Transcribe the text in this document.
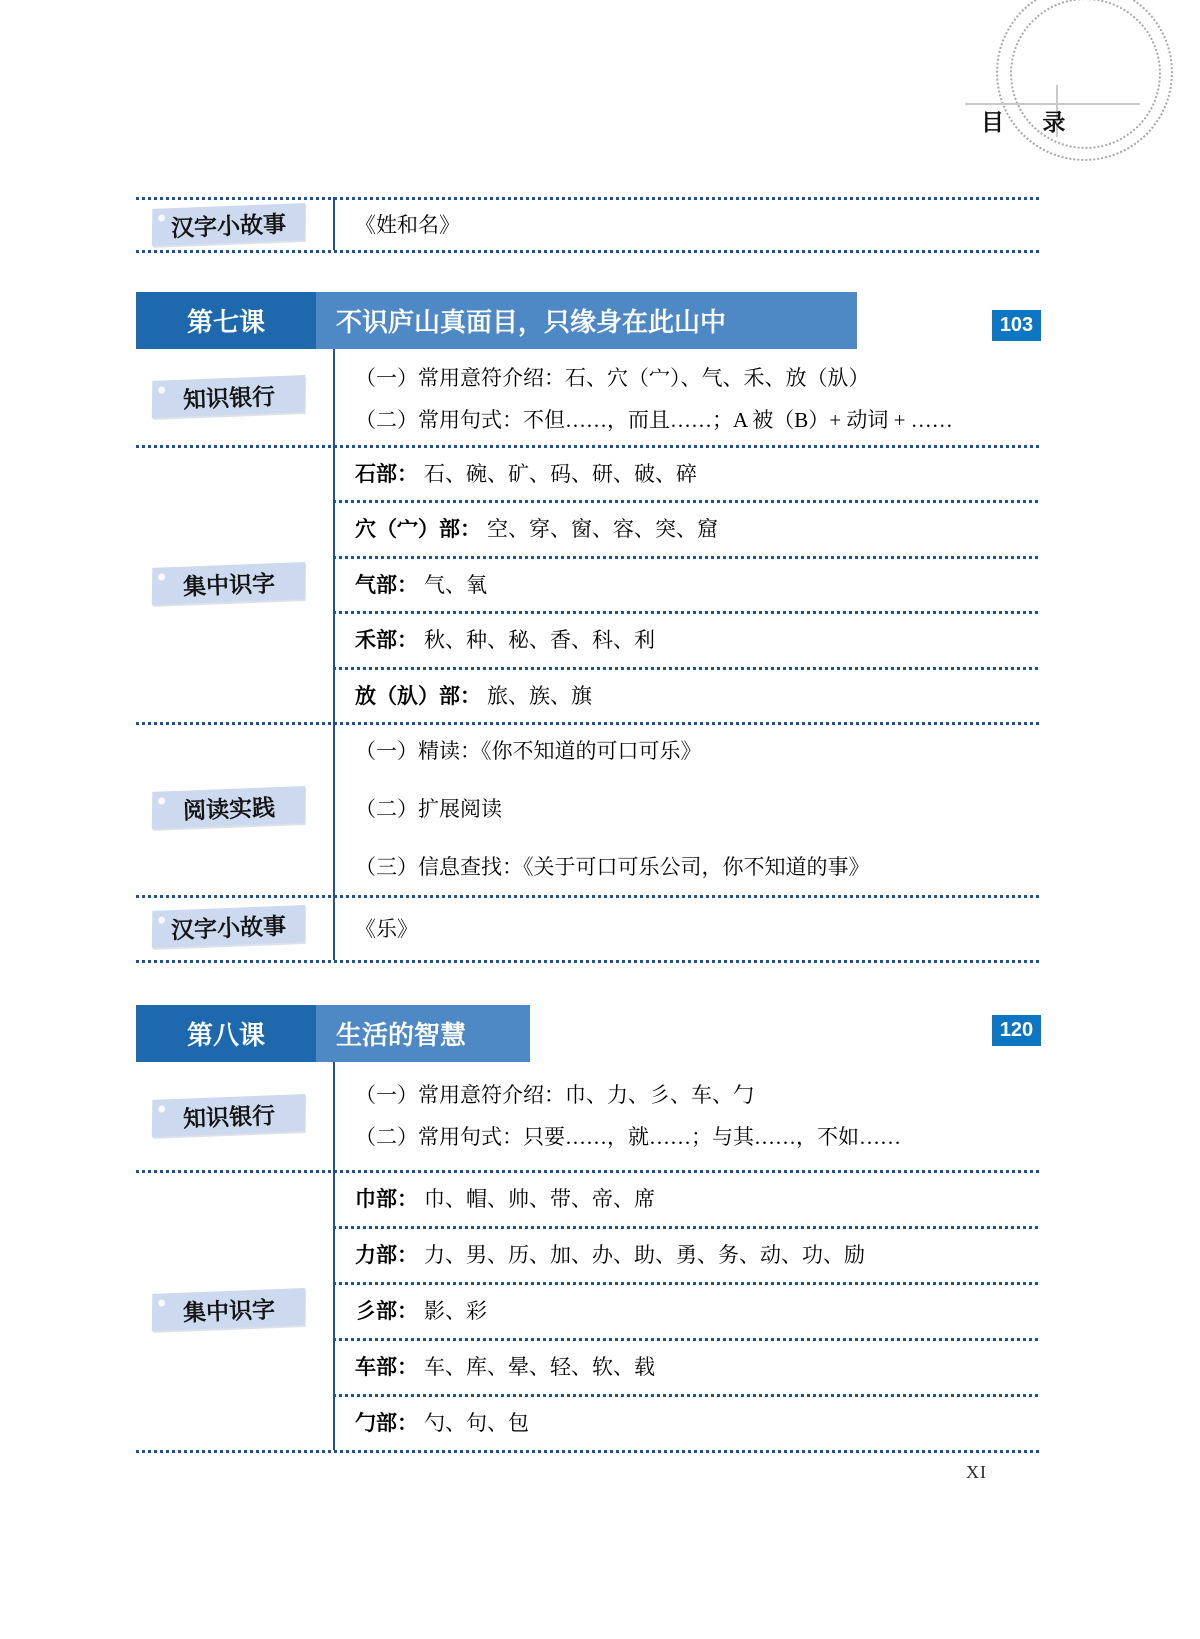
目 录
汉字小故事	《姓和名》
第七课	不识庐山真面目，只缘身在此山中	103
知识银行
（一）常用意符介绍：石、穴（宀）、气、禾、放（㫃）
（二）常用句式：不但……，而且……；A 被（B）+ 动词 + ……
集中识字
石部： 石、碗、矿、码、研、破、碎
穴（宀）部： 空、穿、窗、容、突、窟
气部： 气、氧
禾部： 秋、种、秘、香、科、利
放（㫃）部： 旅、族、旗
阅读实践
（一）精读：《你不知道的可口可乐》
（二）扩展阅读
（三）信息查找：《关于可口可乐公司，你不知道的事》
汉字小故事	《乐》
第八课	生活的智慧	120
知识银行
（一）常用意符介绍：巾、力、彡、车、勹
（二）常用句式：只要……，就……；与其……，不如……
集中识字
巾部： 巾、帽、帅、带、帝、席
力部： 力、男、历、加、办、助、勇、务、动、功、励
彡部： 影、彩
车部： 车、库、晕、轻、软、载
勹部： 勺、句、包
XI
